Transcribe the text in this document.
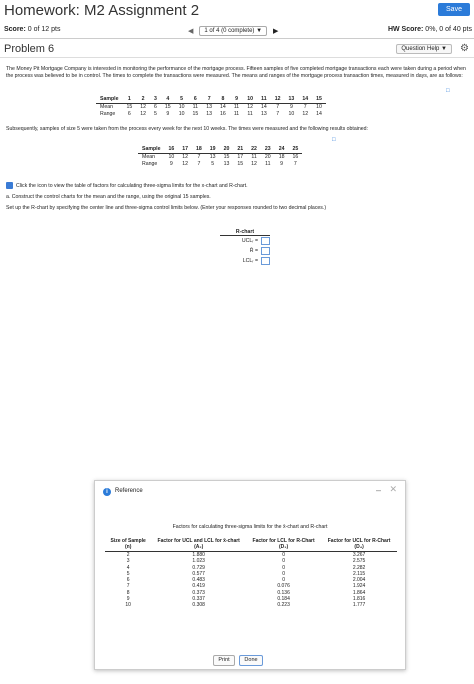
Homework: M2 Assignment 2	Save
Score: 0 of 12 pts	◀	1 of 4 (0 complete) ▼	▶	HW Score: 0%, 0 of 40 pts
Problem 6	Question Help ▼	⚙
The Money Pit Mortgage Company is interested in monitoring the performance of the mortgage process. Fifteen samples of five completed mortgage transactions each were taken during a period when the process was believed to be in control. The times to complete the transactions were measured. The means and ranges of the mortgage process transaction times, measured in days, are as follows:
□
Sample	1	2	3	4	5	6	7	8	9	10	11	12	13	14	15
Mean	15	12	6	15	10	11	13	14	11	12	14	7	9	7	10
Range	6	12	5	9	10	15	13	16	11	11	13	7	10	12	14
Subsequently, samples of size 5 were taken from the process every week for the next 10 weeks. The times were measured and the following results obtained:
□
Sample	16	17	18	19	20	21	22	23	24	25
Mean	10	12	7	13	15	17	11	20	18	16
Range	9	12	7	5	13	15	12	11	9	7
Click the icon to view the table of factors for calculating three-sigma limits for the x-chart and R-chart.
a. Construct the control charts for the mean and the range, using the original 15 samples.
Set up the R-chart by specifying the center line and three-sigma control limits below. (Enter your responses rounded to two decimal places.)
R-chart
UCLᵣ =
R̄ =
LCLᵣ =
i	Reference	– ✕
Factors for calculating three-sigma limits for the x̄-chart and R-chart
Size of Sample (n)	Factor for UCL and LCL for x̄-chart (A₂)	Factor for LCL for R-Chart (D₃)	Factor for UCL for R-Chart (D₄)
2	1.880	0	3.267
3	1.023	0	2.575
4	0.729	0	2.282
5	0.577	0	2.115
6	0.483	0	2.004
7	0.419	0.076	1.924
8	0.373	0.136	1.864
9	0.337	0.184	1.816
10	0.308	0.223	1.777
Print	Done
